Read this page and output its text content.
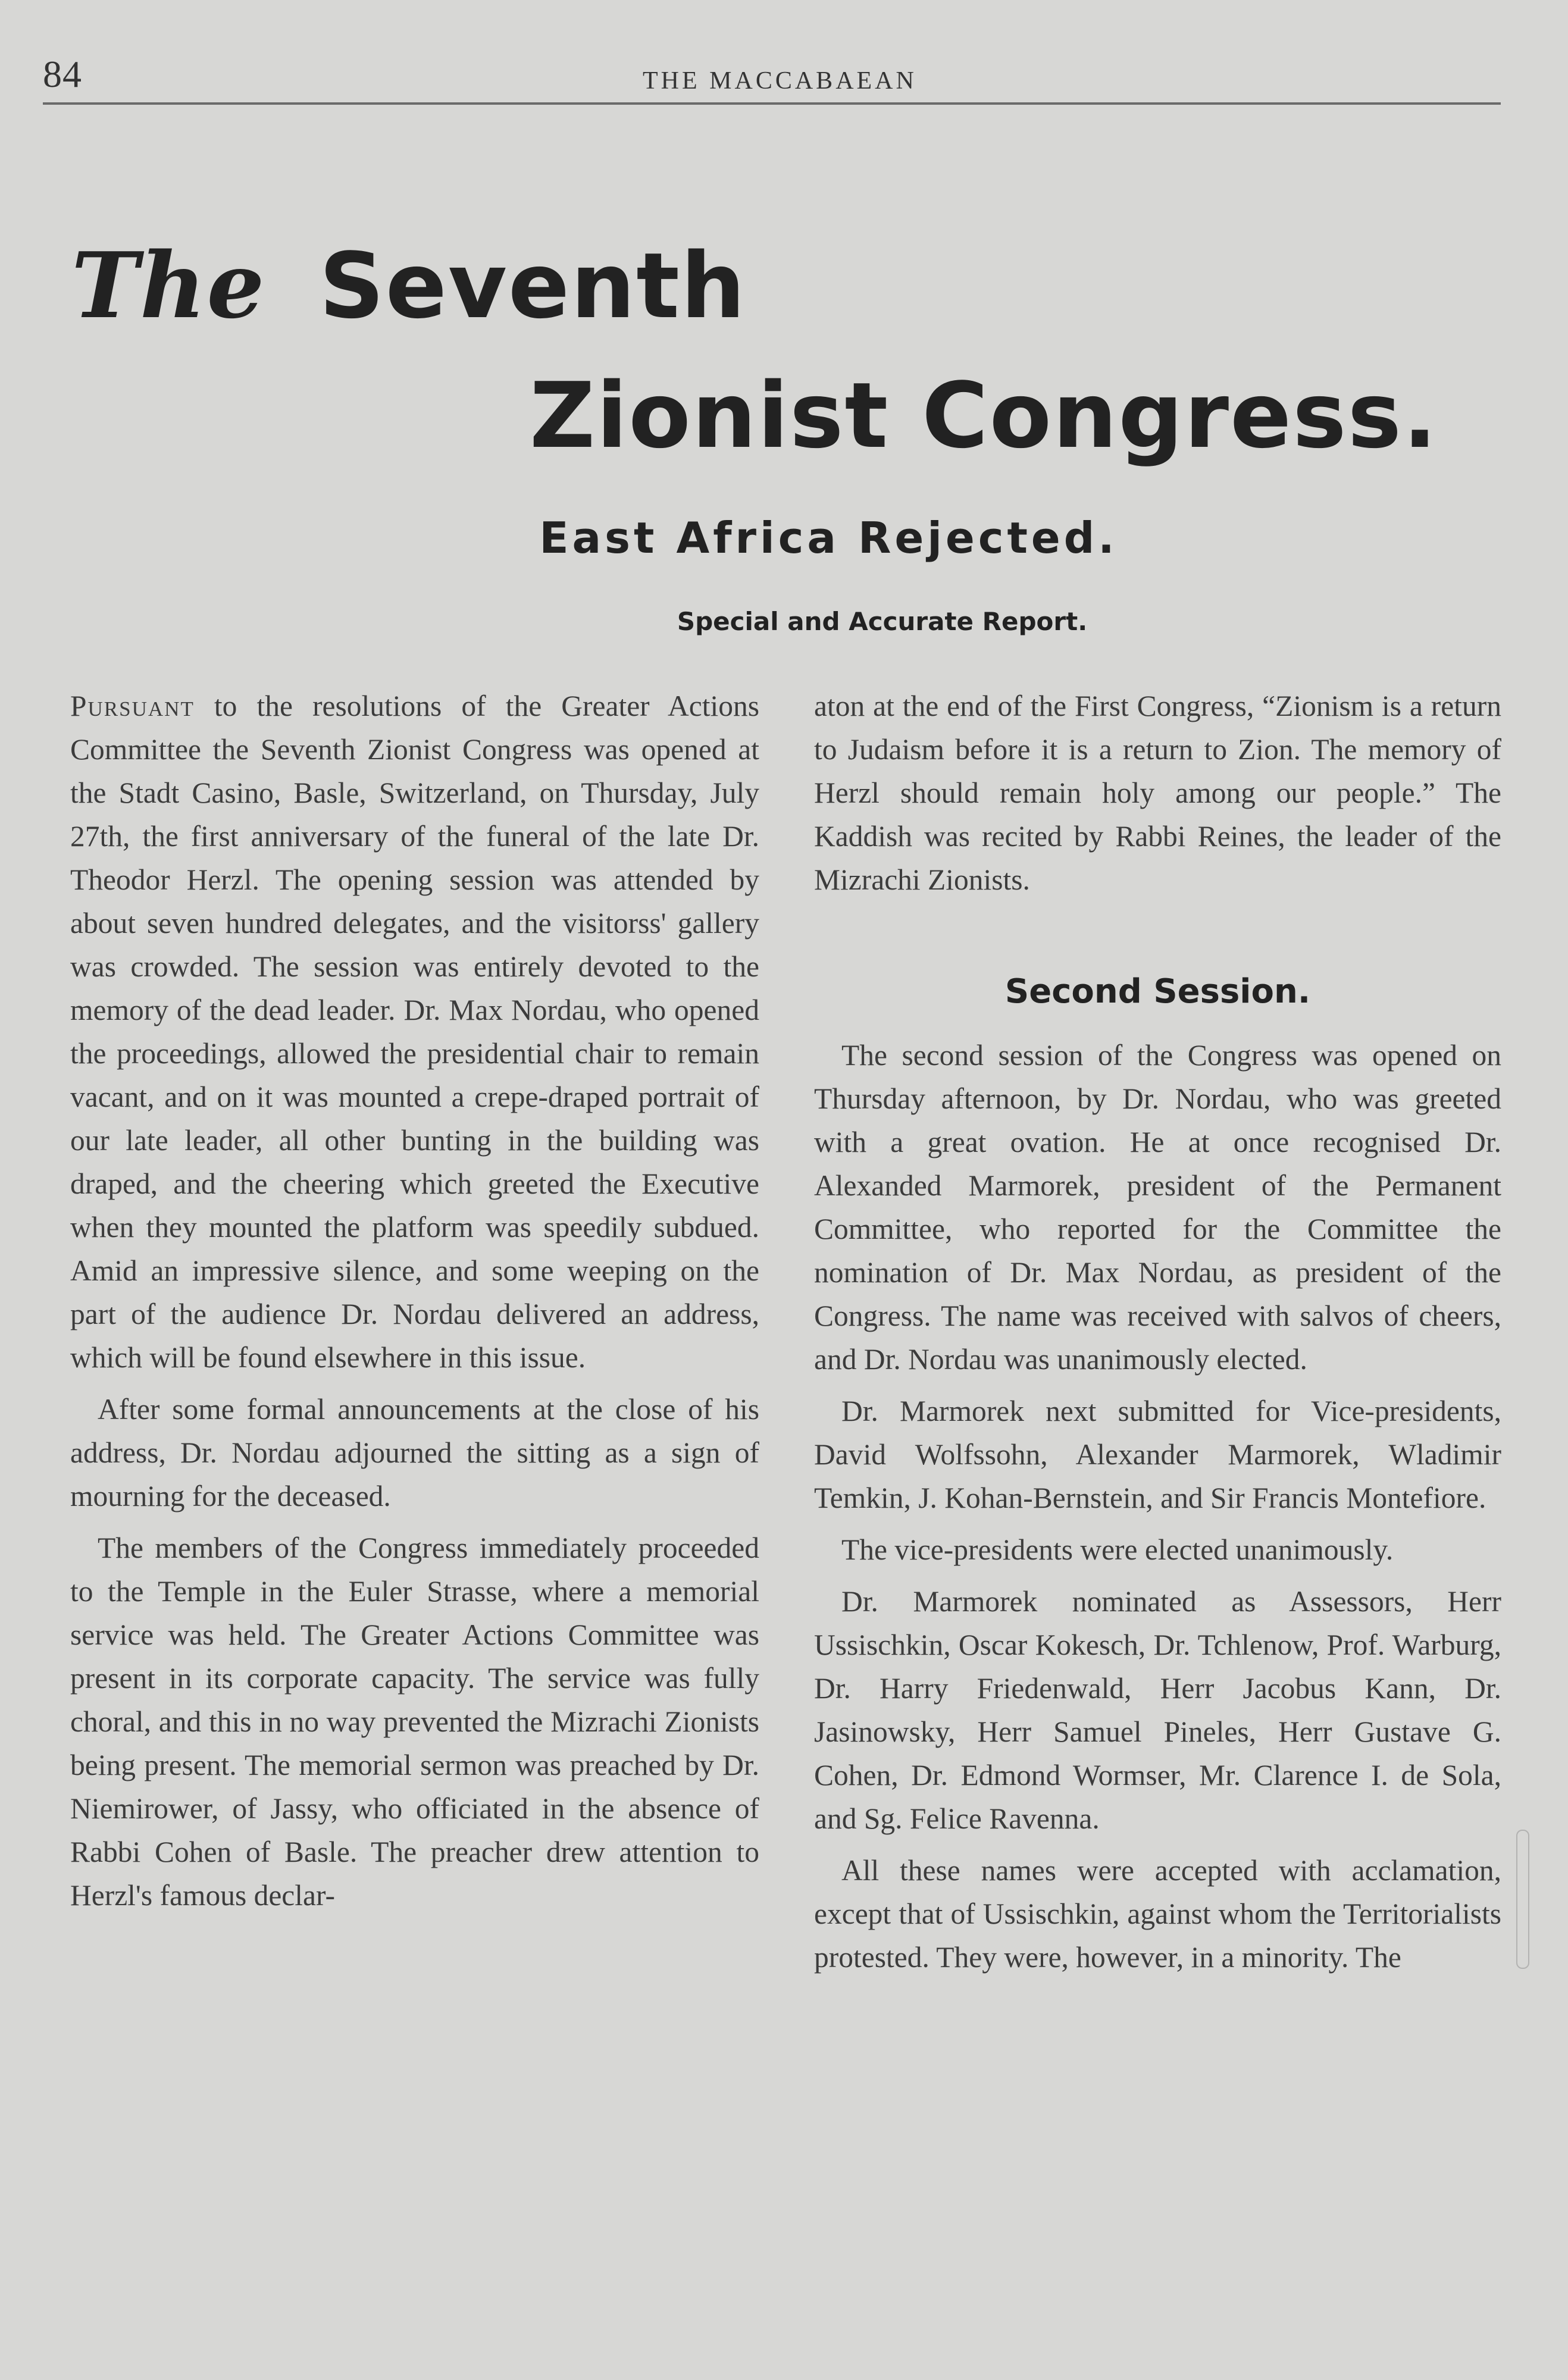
84	THE MACCABAEAN
The Seventh
Zionist Congress.
East Africa Rejected.
Special and Accurate Report.

Pursuant to the resolutions of the Greater Actions Committee the Seventh Zionist Congress was opened at the Stadt Casino, Basle, Switzerland, on Thursday, July 27th, the first anniversary of the funeral of the late Dr. Theodor Herzl. The opening session was attended by about seven hundred delegates, and the visitorss' gallery was crowded. The session was entirely devoted to the memory of the dead leader. Dr. Max Nordau, who opened the proceedings, allowed the presidential chair to remain vacant, and on it was mounted a crepe-draped portrait of our late leader, all other bunting in the building was draped, and the cheering which greeted the Executive when they mounted the platform was speedily subdued. Amid an impressive silence, and some weeping on the part of the audience Dr. Nordau delivered an address, which will be found elsewhere in this issue.

After some formal announcements at the close of his address, Dr. Nordau adjourned the sitting as a sign of mourning for the deceased.

The members of the Congress immediately proceeded to the Temple in the Euler Strasse, where a memorial service was held. The Greater Actions Committee was present in its corporate capacity. The service was fully choral, and this in no way prevented the Mizrachi Zionists being present. The memorial sermon was preached by Dr. Niemirower, of Jassy, who officiated in the absence of Rabbi Cohen of Basle. The preacher drew attention to Herzl's famous declar-

aton at the end of the First Congress, “Zionism is a return to Judaism before it is a return to Zion. The memory of Herzl should remain holy among our people.” The Kaddish was recited by Rabbi Reines, the leader of the Mizrachi Zionists.

Second Session.

The second session of the Congress was opened on Thursday afternoon, by Dr. Nordau, who was greeted with a great ovation. He at once recognised Dr. Alexanded Marmorek, president of the Permanent Committee, who reported for the Committee the nomination of Dr. Max Nordau, as president of the Congress. The name was received with salvos of cheers, and Dr. Nordau was unanimously elected.

Dr. Marmorek next submitted for Vice-presidents, David Wolfssohn, Alexander Marmorek, Wladimir Temkin, J. Kohan-Bernstein, and Sir Francis Montefiore.

The vice-presidents were elected unanimously.

Dr. Marmorek nominated as Assessors, Herr Ussischkin, Oscar Kokesch, Dr. Tchlenow, Prof. Warburg, Dr. Harry Friedenwald, Herr Jacobus Kann, Dr. Jasinowsky, Herr Samuel Pineles, Herr Gustave G. Cohen, Dr. Edmond Wormser, Mr. Clarence I. de Sola, and Sg. Felice Ravenna.

All these names were accepted with acclamation, except that of Ussischkin, against whom the Territorialists protested. They were, however, in a minority. The
